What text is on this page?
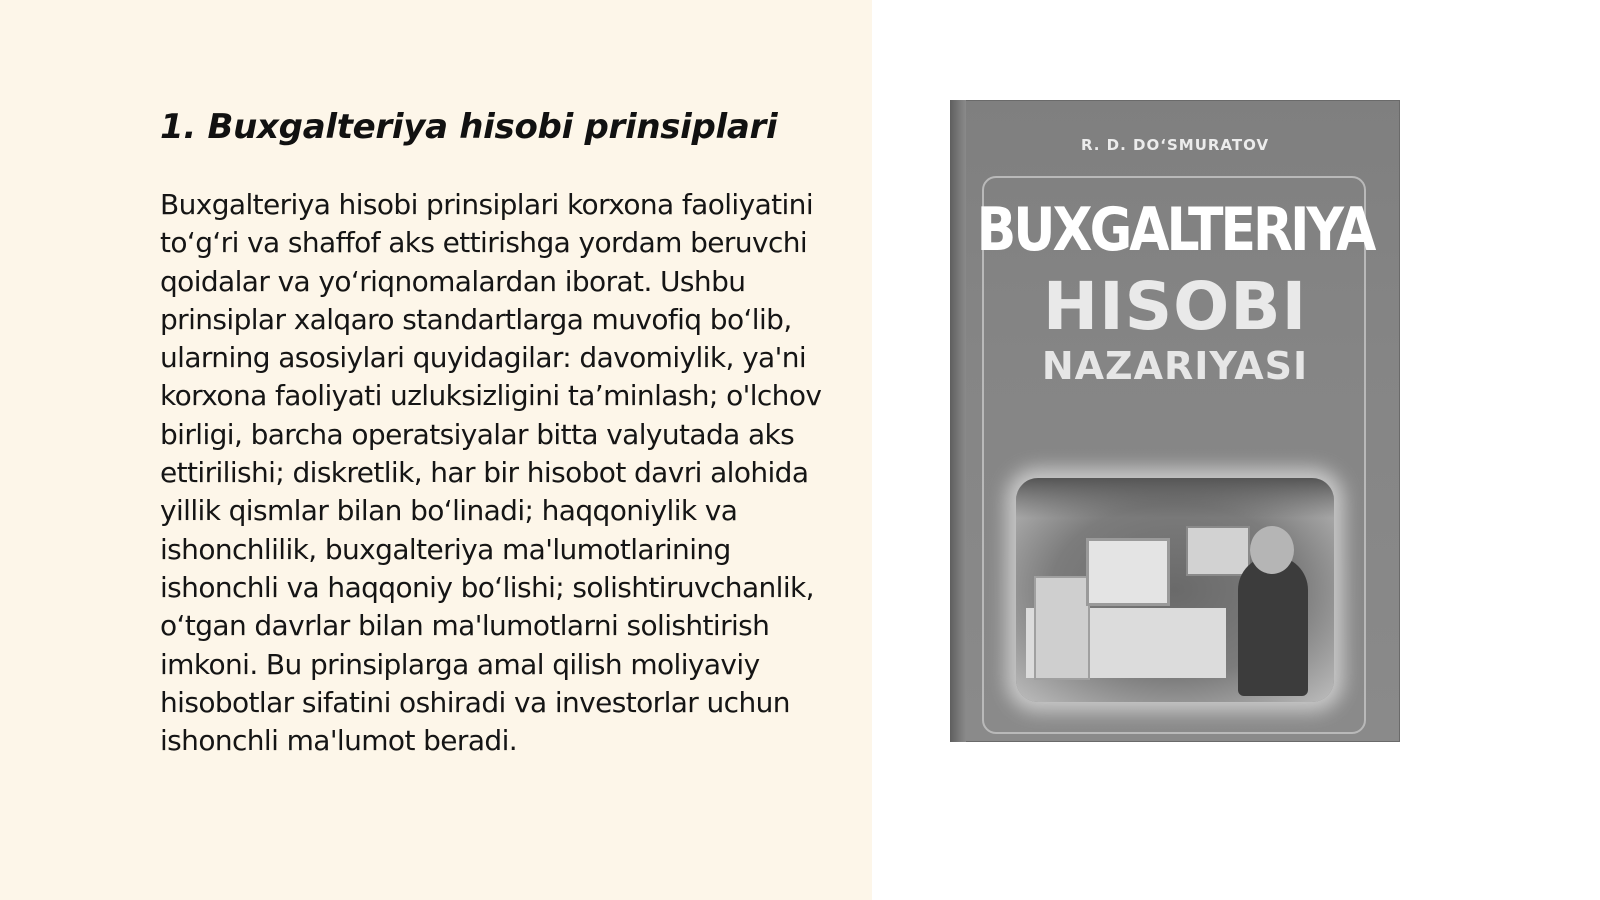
1. Buxgalteriya hisobi prinsiplari

Buxgalteriya hisobi prinsiplari korxona faoliyatini to‘g‘ri va shaffof aks ettirishga yordam beruvchi qoidalar va yo‘riqnomalardan iborat. Ushbu prinsiplar xalqaro standartlarga muvofiq bo‘lib, ularning asosiylari quyidagilar: davomiylik, ya'ni korxona faoliyati uzluksizligini ta’minlash; o'lchov birligi, barcha operatsiyalar bitta valyutada aks ettirilishi; diskretlik, har bir hisobot davri alohida yillik qismlar bilan bo‘linadi; haqqoniylik va ishonchlilik, buxgalteriya ma'lumotlarining ishonchli va haqqoniy bo‘lishi; solishtiruvchanlik, o‘tgan davrlar bilan ma'lumotlarni solishtirish imkoni. Bu prinsiplarga amal qilish moliyaviy hisobotlar sifatini oshiradi va investorlar uchun ishonchli ma'lumot beradi.

R. D. DO‘SMURATOV
BUXGALTERIYA
HISOBI
NAZARIYASI
